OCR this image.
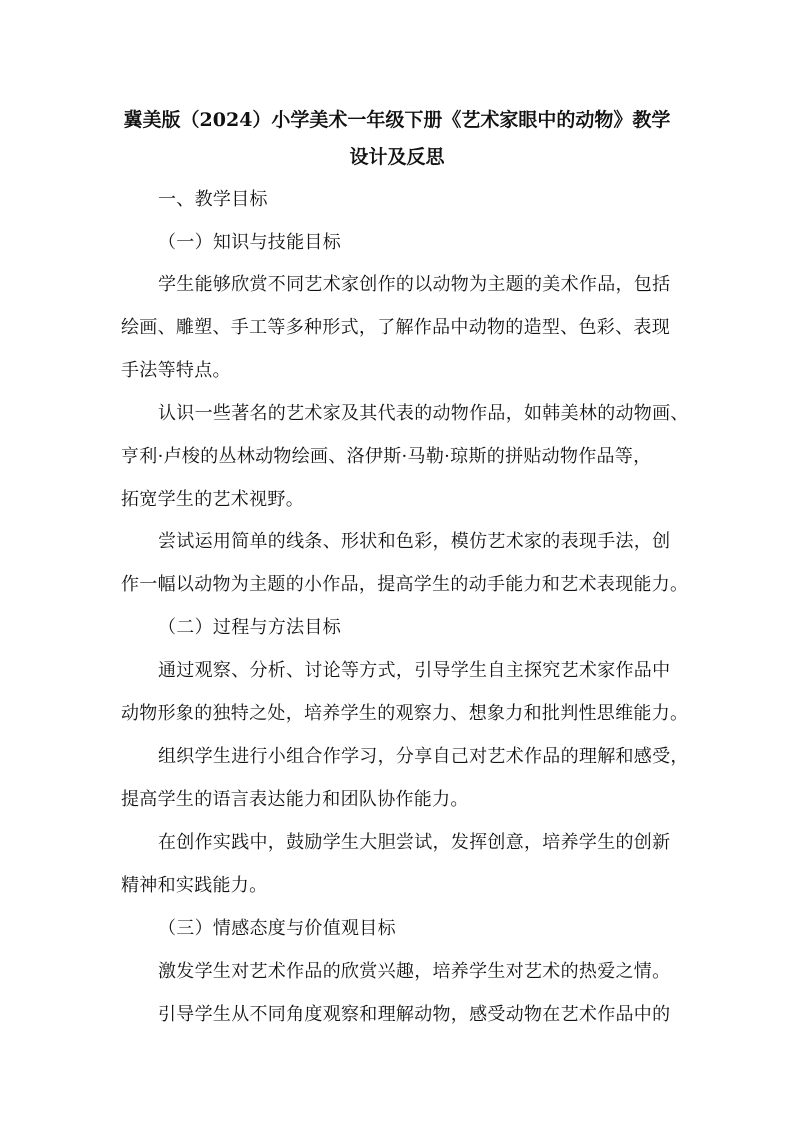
冀美版（2024）小学美术一年级下册《艺术家眼中的动物》教学
设计及反思
一、教学目标
（一）知识与技能目标
学生能够欣赏不同艺术家创作的以动物为主题的美术作品，包括
绘画、雕塑、手工等多种形式，了解作品中动物的造型、色彩、表现
手法等特点。
认识一些著名的艺术家及其代表的动物作品，如韩美林的动物画、
亨利·卢梭的丛林动物绘画、洛伊斯·马勒·琼斯的拼贴动物作品等，
拓宽学生的艺术视野。
尝试运用简单的线条、形状和色彩，模仿艺术家的表现手法，创
作一幅以动物为主题的小作品，提高学生的动手能力和艺术表现能力。
（二）过程与方法目标
通过观察、分析、讨论等方式，引导学生自主探究艺术家作品中
动物形象的独特之处，培养学生的观察力、想象力和批判性思维能力。
组织学生进行小组合作学习，分享自己对艺术作品的理解和感受，
提高学生的语言表达能力和团队协作能力。
在创作实践中，鼓励学生大胆尝试，发挥创意，培养学生的创新
精神和实践能力。
（三）情感态度与价值观目标
激发学生对艺术作品的欣赏兴趣，培养学生对艺术的热爱之情。
引导学生从不同角度观察和理解动物，感受动物在艺术作品中的
